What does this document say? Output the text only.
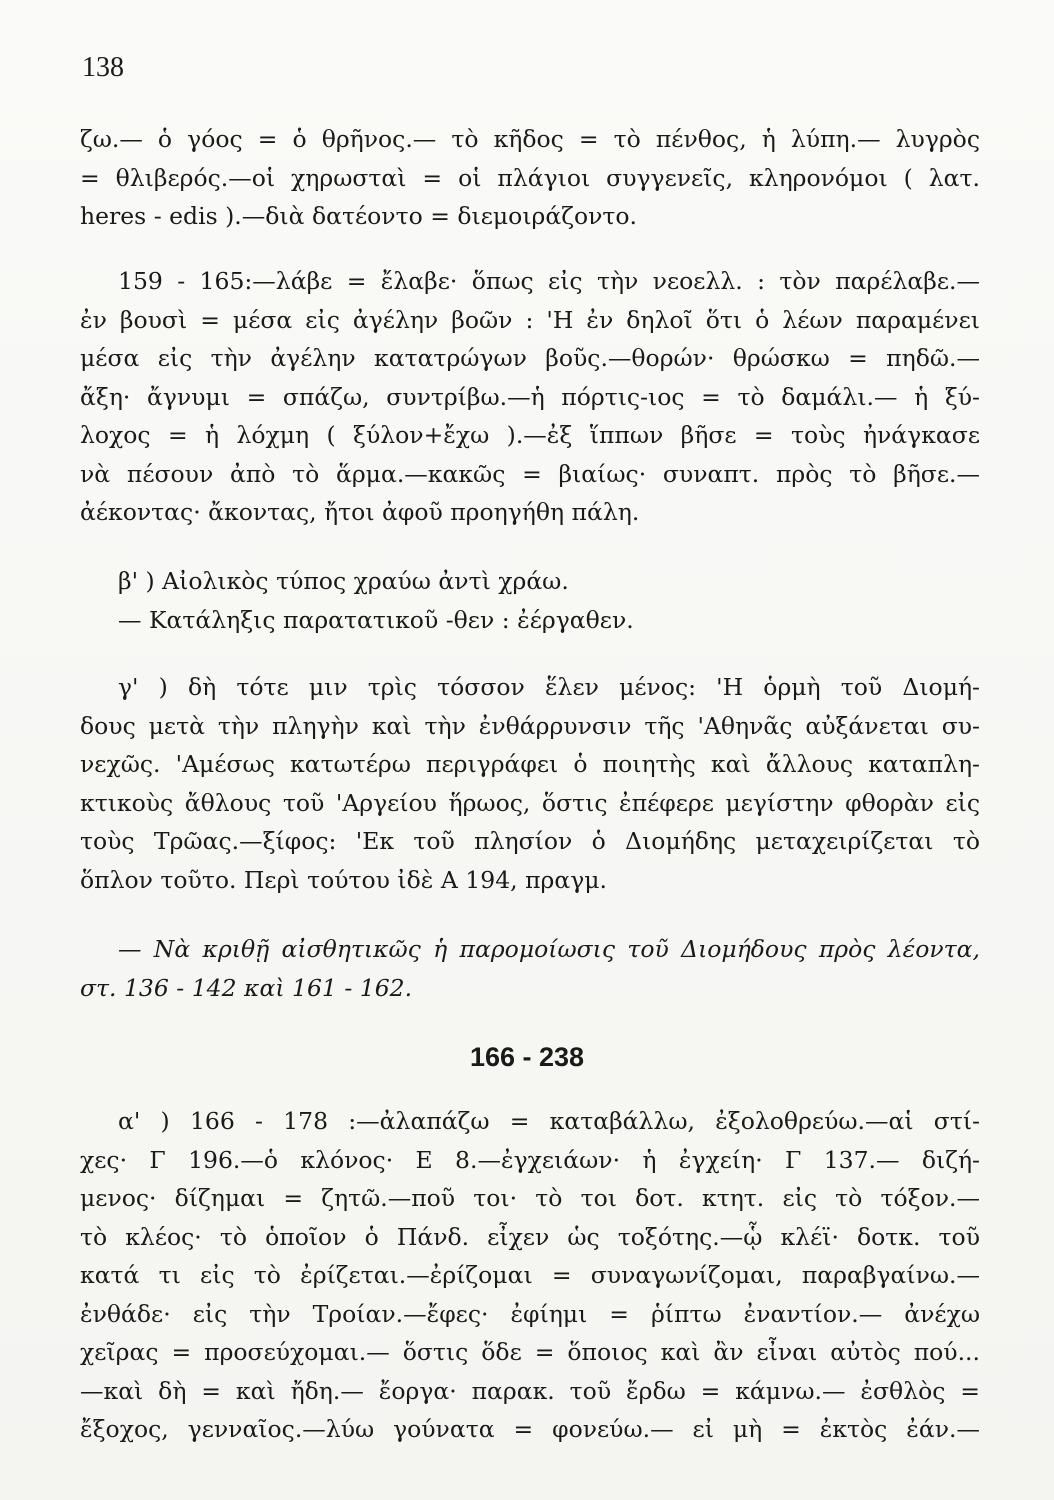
138
ζω.— ὁ γόος = ὁ θρῆνος.— τὸ κῆδος = τὸ πένθος, ἡ λύπη.— λυγρὸς
= θλιβερός.—οἱ χηρωσταὶ = οἱ πλάγιοι συγγενεῖς, κληρονόμοι ( λατ.
heres - edis ).—διὰ δατέοντο = διεμοιράζοντο.
159 - 165:—λάβε = ἔλαβε· ὅπως εἰς τὴν νεοελλ. : τὸν παρέλαβε.—
ἐν βουσὶ = μέσα εἰς ἀγέλην βοῶν : 'Η ἐν δηλοῖ ὅτι ὁ λέων παραμένει
μέσα εἰς τὴν ἀγέλην κατατρώγων βοῦς.—θορών· θρώσκω = πηδῶ.—
ἄξη· ἄγνυμι = σπάζω, συντρίβω.—ἡ πόρτις-ιος = τὸ δαμάλι.— ἡ ξύ-
λοχος = ἡ λόχμη ( ξύλον+ἔχω ).—ἐξ ἵππων βῆσε = τοὺς ἠνάγκασε
νὰ πέσουν ἀπὸ τὸ ἅρμα.—κακῶς = βιαίως· συναπτ. πρὸς τὸ βῆσε.—
ἀέκοντας· ἄκοντας, ἤτοι ἀφοῦ προηγήθη πάλη.
β' ) Αἰολικὸς τύπος χραύω ἀντὶ χράω.
— Κατάληξις παρατατικοῦ -θεν : ἐέργαθεν.
γ' ) δὴ τότε μιν τρὶς τόσσον ἕλεν μένος: 'Η ὁρμὴ τοῦ Διομή-
δους μετὰ τὴν πληγὴν καὶ τὴν ἐνθάρρυνσιν τῆς 'Αθηνᾶς αὐξάνεται συ-
νεχῶς. 'Αμέσως κατωτέρω περιγράφει ὁ ποιητὴς καὶ ἄλλους καταπλη-
κτικοὺς ἄθλους τοῦ 'Αργείου ἥρωος, ὅστις ἐπέφερε μεγίστην φθορὰν εἰς
τοὺς Τρῶας.—ξίφος: 'Εκ τοῦ πλησίον ὁ Διομήδης μεταχειρίζεται τὸ
ὅπλον τοῦτο. Περὶ τούτου ἰδὲ Α 194, πραγμ.
— Νὰ κριθῇ αἰσθητικῶς ἡ παρομοίωσις τοῦ Διομήδους πρὸς λέοντα,
στ. 136 - 142 καὶ 161 - 162.
166 - 238
α' ) 166 - 178 :—ἀλαπάζω = καταβάλλω, ἐξολοθρεύω.—αἱ στί-
χες· Γ 196.—ὁ κλόνος· Ε 8.—ἐγχειάων· ἡ ἐγχείη· Γ 137.— διζή-
μενος· δίζημαι = ζητῶ.—ποῦ τοι· τὸ τοι δοτ. κτητ. εἰς τὸ τόξον.—
τὸ κλέος· τὸ ὁποῖον ὁ Πάνδ. εἶχεν ὡς τοξότης.—ᾧ κλέϊ· δοτκ. τοῦ
κατά τι εἰς τὸ ἐρίζεται.—ἐρίζομαι = συναγωνίζομαι, παραβγαίνω.—
ἐνθάδε· εἰς τὴν Τροίαν.—ἔφες· ἐφίημι = ῥίπτω ἐναντίον.— ἀνέχω
χεῖρας = προσεύχομαι.— ὅστις ὅδε = ὅποιος καὶ ἂν εἶναι αὐτὸς πού...
—καὶ δὴ = καὶ ἤδη.— ἔοργα· παρακ. τοῦ ἔρδω = κάμνω.— ἐσθλὸς =
ἔξοχος, γενναῖος.—λύω γούνατα = φονεύω.— εἰ μὴ = ἐκτὸς ἐάν.—
